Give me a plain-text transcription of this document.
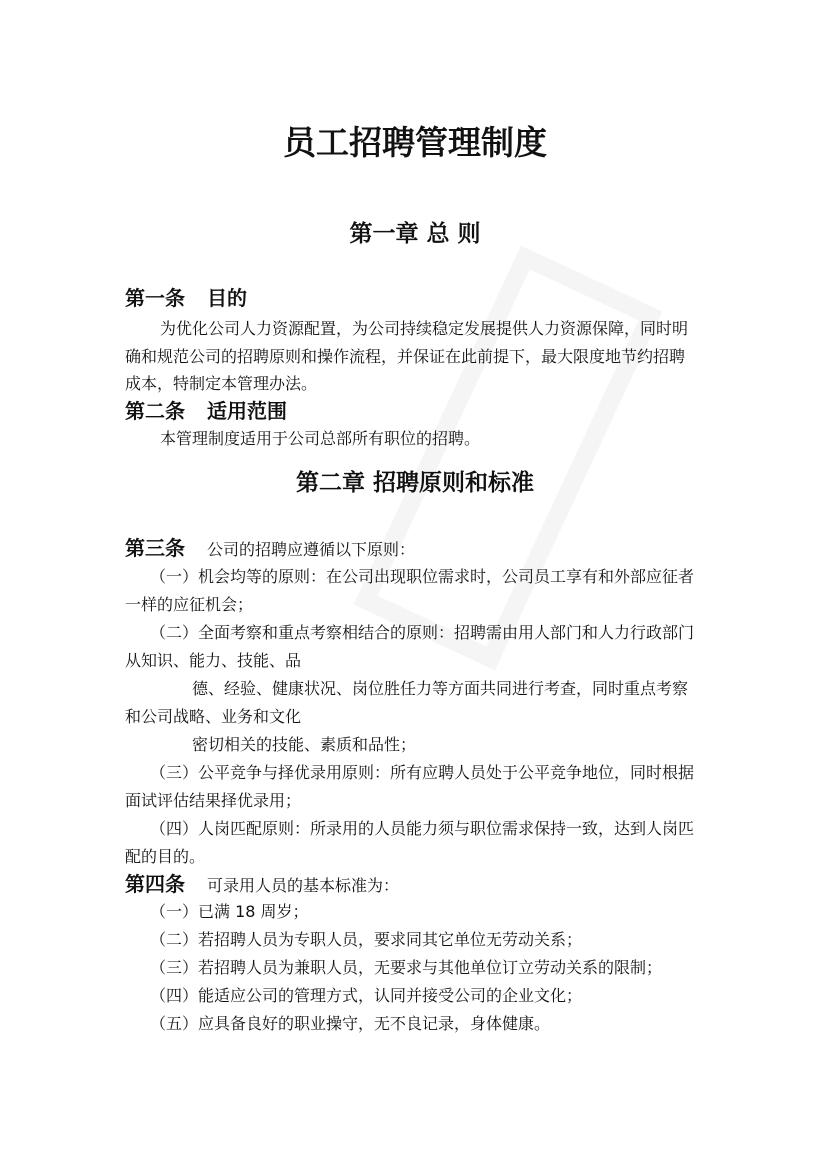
员工招聘管理制度
第一章 总 则
第一条 目的
为优化公司人力资源配置，为公司持续稳定发展提供人力资源保障，同时明
确和规范公司的招聘原则和操作流程，并保证在此前提下，最大限度地节约招聘
成本，特制定本管理办法。
第二条 适用范围
本管理制度适用于公司总部所有职位的招聘。
第二章 招聘原则和标准
第三条 公司的招聘应遵循以下原则：
（一）机会均等的原则：在公司出现职位需求时，公司员工享有和外部应征者
一样的应征机会；
（二）全面考察和重点考察相结合的原则：招聘需由用人部门和人力行政部门
从知识、能力、技能、品
德、经验、健康状况、岗位胜任力等方面共同进行考查，同时重点考察
和公司战略、业务和文化
密切相关的技能、素质和品性；
（三）公平竞争与择优录用原则：所有应聘人员处于公平竞争地位，同时根据
面试评估结果择优录用；
（四）人岗匹配原则：所录用的人员能力须与职位需求保持一致，达到人岗匹
配的目的。
第四条 可录用人员的基本标准为：
（一）已满 18 周岁；
（二）若招聘人员为专职人员，要求同其它单位无劳动关系；
（三）若招聘人员为兼职人员，无要求与其他单位订立劳动关系的限制；
（四）能适应公司的管理方式，认同并接受公司的企业文化；
（五）应具备良好的职业操守，无不良记录，身体健康。
